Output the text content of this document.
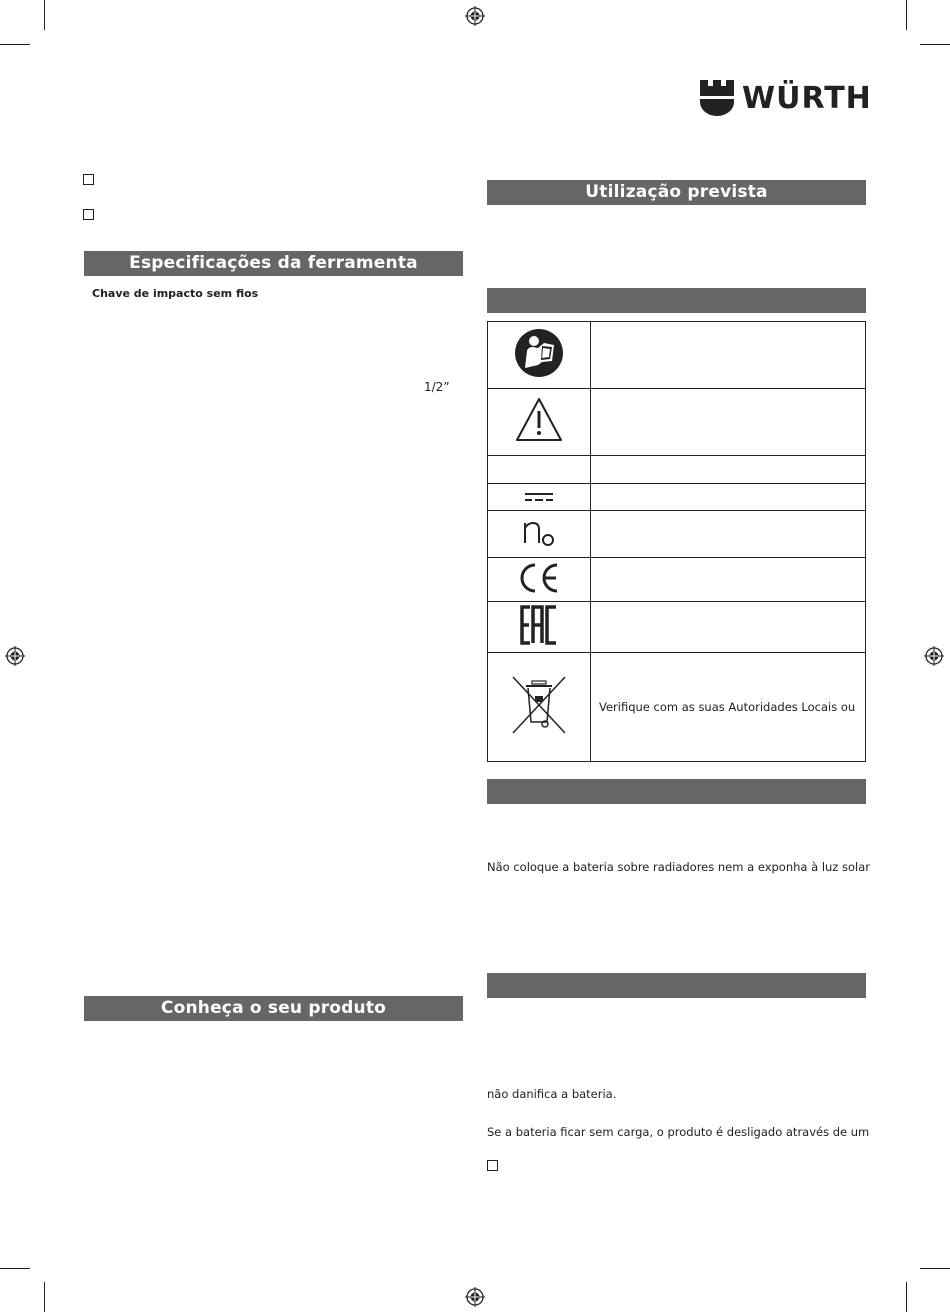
WÜRTH
Especificações da ferramenta
Chave de impacto sem fios
1/2”
Conheça o seu produto
Utilização prevista

	Verifique com as suas Autoridades Locais ou
Não coloque a bateria sobre radiadores nem a exponha à luz solar
não danifica a bateria.
Se a bateria ficar sem carga, o produto é desligado através de um
